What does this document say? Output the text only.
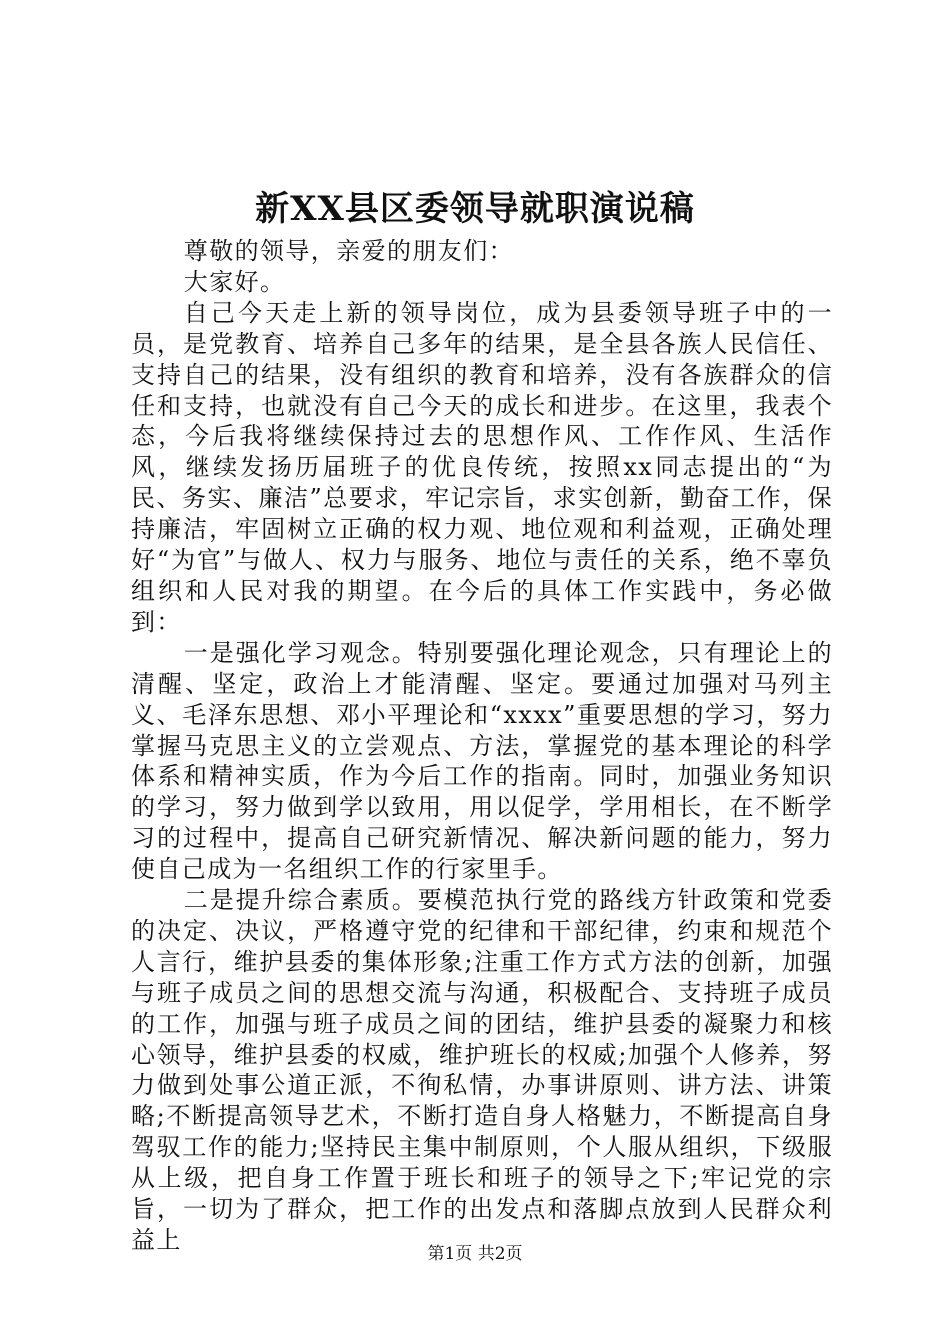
新XX县区委领导就职演说稿

尊敬的领导，亲爱的朋友们：

大家好。

自己今天走上新的领导岗位，成为县委领导班子中的一员，是党教育、培养自己多年的结果，是全县各族人民信任、支持自己的结果，没有组织的教育和培养，没有各族群众的信任和支持，也就没有自己今天的成长和进步。在这里，我表个态，今后我将继续保持过去的思想作风、工作作风、生活作风，继续发扬历届班子的优良传统，按照xx同志提出的“为民、务实、廉洁”总要求，牢记宗旨，求实创新，勤奋工作，保持廉洁，牢固树立正确的权力观、地位观和利益观，正确处理好“为官”与做人、权力与服务、地位与责任的关系，绝不辜负组织和人民对我的期望。在今后的具体工作实践中，务必做到：

一是强化学习观念。特别要强化理论观念，只有理论上的清醒、坚定，政治上才能清醒、坚定。要通过加强对马列主义、毛泽东思想、邓小平理论和“xxxx”重要思想的学习，努力掌握马克思主义的立尝观点、方法，掌握党的基本理论的科学体系和精神实质，作为今后工作的指南。同时，加强业务知识的学习，努力做到学以致用，用以促学，学用相长，在不断学习的过程中，提高自己研究新情况、解决新问题的能力，努力使自己成为一名组织工作的行家里手。

二是提升综合素质。要模范执行党的路线方针政策和党委的决定、决议，严格遵守党的纪律和干部纪律，约束和规范个人言行，维护县委的集体形象;注重工作方式方法的创新，加强与班子成员之间的思想交流与沟通，积极配合、支持班子成员的工作，加强与班子成员之间的团结，维护县委的凝聚力和核心领导，维护县委的权威，维护班长的权威;加强个人修养，努力做到处事公道正派，不徇私情，办事讲原则、讲方法、讲策略;不断提高领导艺术，不断打造自身人格魅力，不断提高自身驾驭工作的能力;坚持民主集中制原则，个人服从组织，下级服从上级，把自身工作置于班长和班子的领导之下;牢记党的宗旨，一切为了群众，把工作的出发点和落脚点放到人民群众利益上	第1页 共2页
